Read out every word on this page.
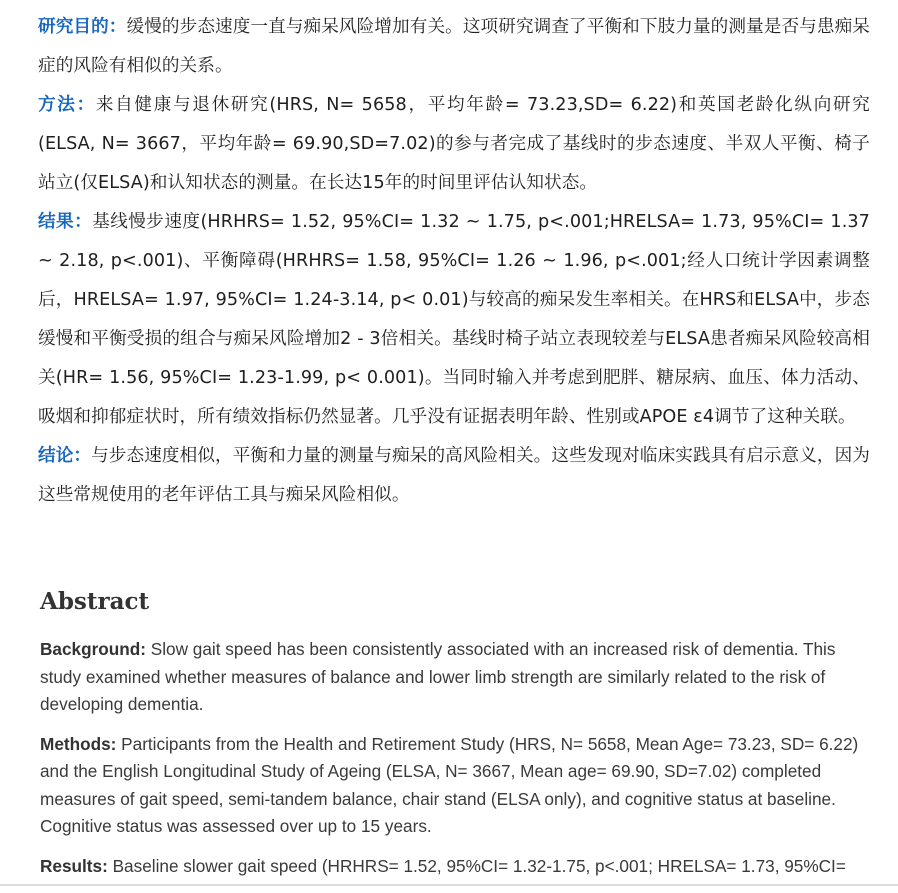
研究目的：缓慢的步态速度一直与痴呆风险增加有关。这项研究调查了平衡和下肢力量的测量是否与患痴呆症的风险有相似的关系。

方法：来自健康与退休研究(HRS, N= 5658，平均年龄= 73.23,SD= 6.22)和英国老龄化纵向研究(ELSA, N= 3667，平均年龄= 69.90,SD=7.02)的参与者完成了基线时的步态速度、半双人平衡、椅子站立(仅ELSA)和认知状态的测量。在长达15年的时间里评估认知状态。

结果：基线慢步速度(HRHRS= 1.52, 95%CI= 1.32 ~ 1.75, p<.001;HRELSA= 1.73, 95%CI= 1.37 ~ 2.18, p<.001)、平衡障碍(HRHRS= 1.58, 95%CI= 1.26 ~ 1.96, p<.001;经人口统计学因素调整后，HRELSA= 1.97, 95%CI= 1.24-3.14, p< 0.01)与较高的痴呆发生率相关。在HRS和ELSA中，步态缓慢和平衡受损的组合与痴呆风险增加2 - 3倍相关。基线时椅子站立表现较差与ELSA患者痴呆风险较高相关(HR= 1.56, 95%CI= 1.23-1.99, p< 0.001)。当同时输入并考虑到肥胖、糖尿病、血压、体力活动、吸烟和抑郁症状时，所有绩效指标仍然显著。几乎没有证据表明年龄、性别或APOE ε4调节了这种关联。

结论：与步态速度相似，平衡和力量的测量与痴呆的高风险相关。这些发现对临床实践具有启示意义，因为这些常规使用的老年评估工具与痴呆风险相似。

Abstract

Background: Slow gait speed has been consistently associated with an increased risk of dementia. This study examined whether measures of balance and lower limb strength are similarly related to the risk of developing dementia.

Methods: Participants from the Health and Retirement Study (HRS, N= 5658, Mean Age= 73.23, SD= 6.22) and the English Longitudinal Study of Ageing (ELSA, N= 3667, Mean age= 69.90, SD=7.02) completed measures of gait speed, semi-tandem balance, chair stand (ELSA only), and cognitive status at baseline. Cognitive status was assessed over up to 15 years.

Results: Baseline slower gait speed (HRHRS= 1.52, 95%CI= 1.32-1.75, p<.001; HRELSA= 1.73, 95%CI=
